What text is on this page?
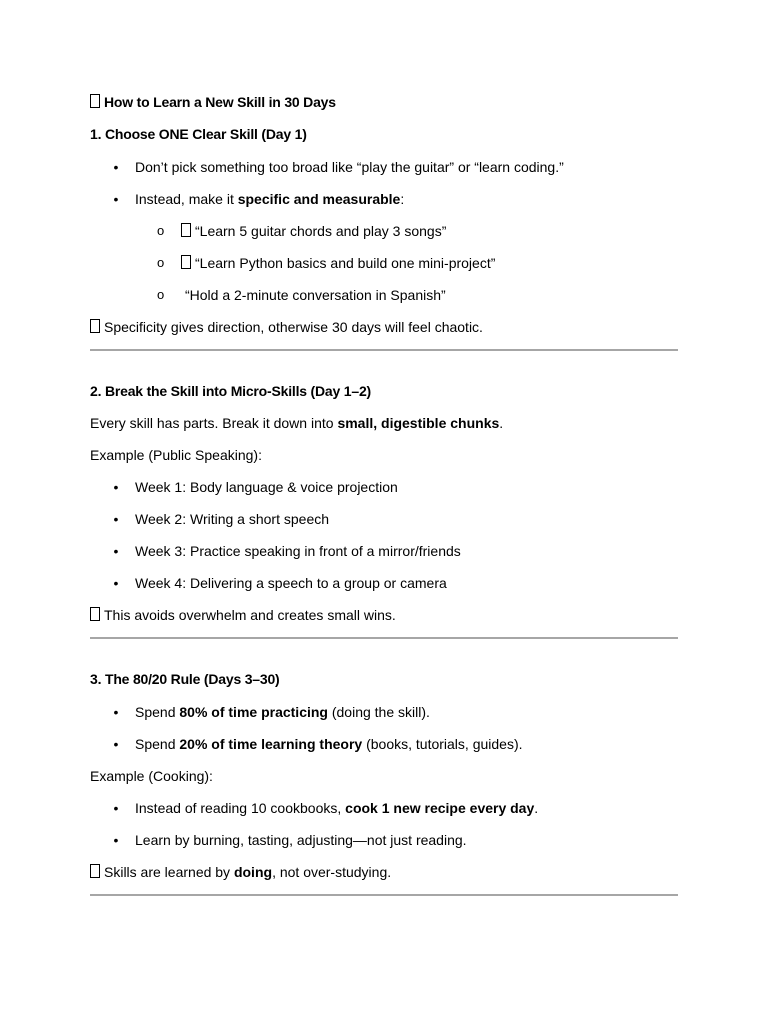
How to Learn a New Skill in 30 Days
1. Choose ONE Clear Skill (Day 1)
• Don’t pick something too broad like “play the guitar” or “learn coding.”
• Instead, make it specific and measurable:
o	“Learn 5 guitar chords and play 3 songs”
o	“Learn Python basics and build one mini-project”
o “Hold a 2-minute conversation in Spanish”
Specificity gives direction, otherwise 30 days will feel chaotic.
2. Break the Skill into Micro-Skills (Day 1–2)
Every skill has parts. Break it down into small, digestible chunks.
Example (Public Speaking):
• Week 1: Body language & voice projection
• Week 2: Writing a short speech
• Week 3: Practice speaking in front of a mirror/friends
• Week 4: Delivering a speech to a group or camera
This avoids overwhelm and creates small wins.
3. The 80/20 Rule (Days 3–30)
• Spend 80% of time practicing (doing the skill).
• Spend 20% of time learning theory (books, tutorials, guides).
Example (Cooking):
• Instead of reading 10 cookbooks, cook 1 new recipe every day.
• Learn by burning, tasting, adjusting—not just reading.
Skills are learned by doing, not over-studying.
